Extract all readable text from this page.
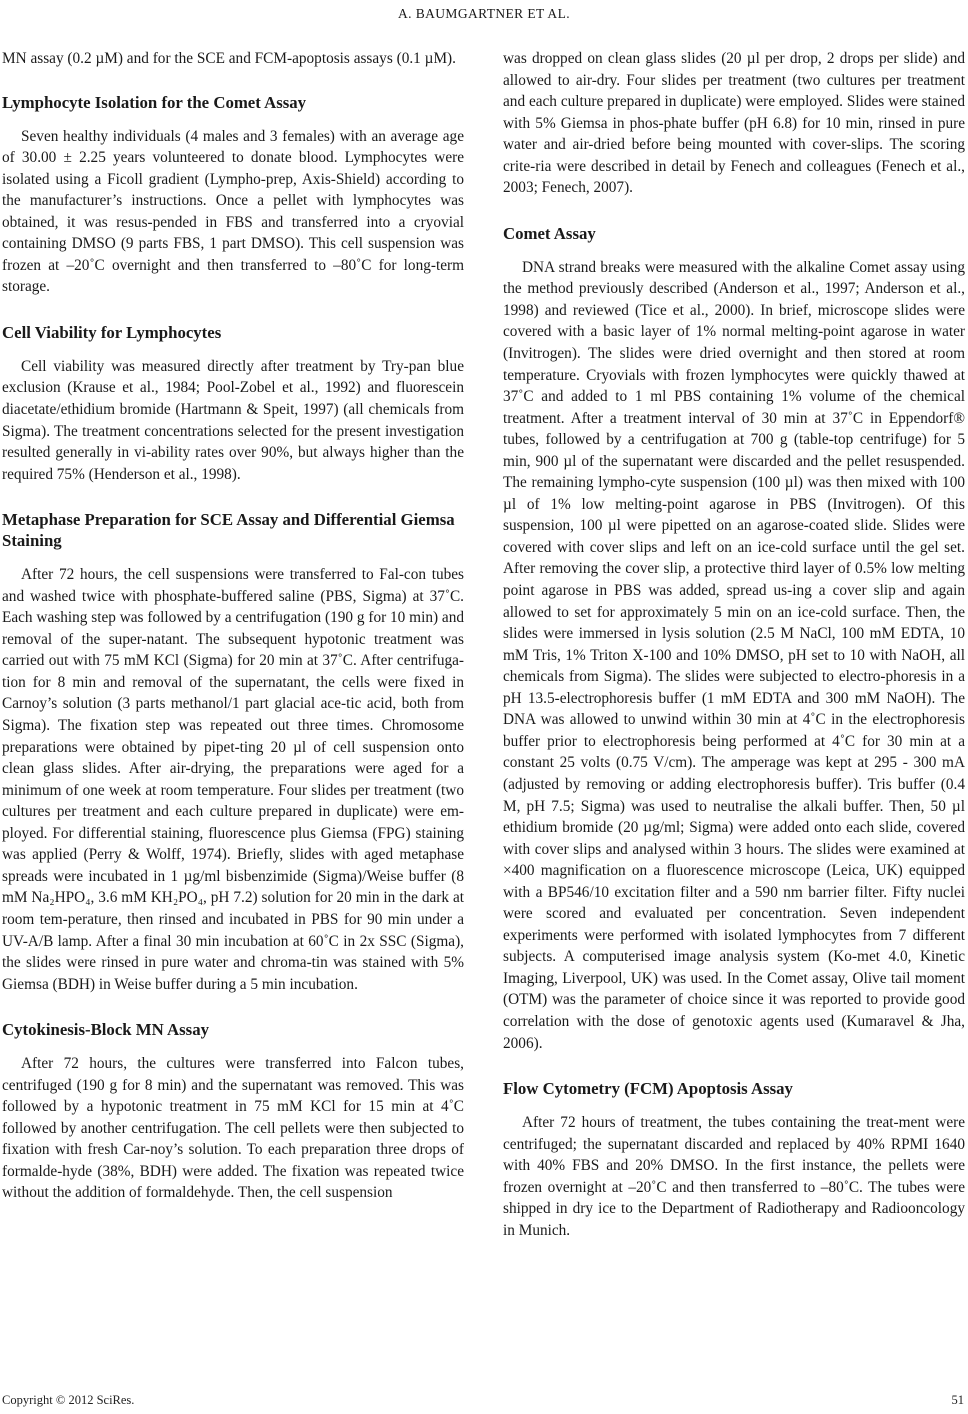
A. BAUMGARTNER ET AL.

MN assay (0.2 µM) and for the SCE and FCM-apoptosis assays (0.1 µM).

Lymphocyte Isolation for the Comet Assay

Seven healthy individuals (4 males and 3 females) with an average age of 30.00 ± 2.25 years volunteered to donate blood. Lymphocytes were isolated using a Ficoll gradient (Lympho-prep, Axis-Shield) according to the manufacturer’s instructions. Once a pellet with lymphocytes was obtained, it was resus-pended in FBS and transferred into a cryovial containing DMSO (9 parts FBS, 1 part DMSO). This cell suspension was frozen at –20˚C overnight and then transferred to –80˚C for long-term storage.

Cell Viability for Lymphocytes

Cell viability was measured directly after treatment by Try-pan blue exclusion (Krause et al., 1984; Pool-Zobel et al., 1992) and fluorescein diacetate/ethidium bromide (Hartmann & Speit, 1997) (all chemicals from Sigma). The treatment concentrations selected for the present investigation resulted generally in vi-ability rates over 90%, but always higher than the required 75% (Henderson et al., 1998).

Metaphase Preparation for SCE Assay and Differential Giemsa Staining

After 72 hours, the cell suspensions were transferred to Fal-con tubes and washed twice with phosphate-buffered saline (PBS, Sigma) at 37˚C. Each washing step was followed by a centrifugation (190 g for 10 min) and removal of the super-natant. The subsequent hypotonic treatment was carried out with 75 mM KCl (Sigma) for 20 min at 37˚C. After centrifuga-tion for 8 min and removal of the supernatant, the cells were fixed in Carnoy’s solution (3 parts methanol/1 part glacial ace-tic acid, both from Sigma). The fixation step was repeated out three times. Chromosome preparations were obtained by pipet-ting 20 µl of cell suspension onto clean glass slides. After air-drying, the preparations were aged for a minimum of one week at room temperature. Four slides per treatment (two cultures per treatment and each culture prepared in duplicate) were em-ployed. For differential staining, fluorescence plus Giemsa (FPG) staining was applied (Perry & Wolff, 1974). Briefly, slides with aged metaphase spreads were incubated in 1 µg/ml bisbenzimide (Sigma)/Weise buffer (8 mM Na₂HPO₄, 3.6 mM KH₂PO₄, pH 7.2) solution for 20 min in the dark at room tem-perature, then rinsed and incubated in PBS for 90 min under a UV-A/B lamp. After a final 30 min incubation at 60˚C in 2x SSC (Sigma), the slides were rinsed in pure water and chroma-tin was stained with 5% Giemsa (BDH) in Weise buffer during a 5 min incubation.

Cytokinesis-Block MN Assay

After 72 hours, the cultures were transferred into Falcon tubes, centrifuged (190 g for 8 min) and the supernatant was removed. This was followed by a hypotonic treatment in 75 mM KCl for 15 min at 4˚C followed by another centrifugation. The cell pellets were then subjected to fixation with fresh Car-noy’s solution. To each preparation three drops of formalde-hyde (38%, BDH) were added. The fixation was repeated twice without the addition of formaldehyde. Then, the cell suspension

was dropped on clean glass slides (20 µl per drop, 2 drops per slide) and allowed to air-dry. Four slides per treatment (two cultures per treatment and each culture prepared in duplicate) were employed. Slides were stained with 5% Giemsa in phos-phate buffer (pH 6.8) for 10 min, rinsed in pure water and air-dried before being mounted with cover-slips. The scoring crite-ria were described in detail by Fenech and colleagues (Fenech et al., 2003; Fenech, 2007).

Comet Assay

DNA strand breaks were measured with the alkaline Comet assay using the method previously described (Anderson et al., 1997; Anderson et al., 1998) and reviewed (Tice et al., 2000). In brief, microscope slides were covered with a basic layer of 1% normal melting-point agarose in water (Invitrogen). The slides were dried overnight and then stored at room temperature. Cryovials with frozen lymphocytes were quickly thawed at 37˚C and added to 1 ml PBS containing 1% volume of the chemical treatment. After a treatment interval of 30 min at 37˚C in Eppendorf® tubes, followed by a centrifugation at 700 g (table-top centrifuge) for 5 min, 900 µl of the supernatant were discarded and the pellet resuspended. The remaining lympho-cyte suspension (100 µl) was then mixed with 100 µl of 1% low melting-point agarose in PBS (Invitrogen). Of this suspension, 100 µl were pipetted on an agarose-coated slide. Slides were covered with cover slips and left on an ice-cold surface until the gel set. After removing the cover slip, a protective third layer of 0.5% low melting point agarose in PBS was added, spread us-ing a cover slip and again allowed to set for approximately 5 min on an ice-cold surface. Then, the slides were immersed in lysis solution (2.5 M NaCl, 100 mM EDTA, 10 mM Tris, 1% Triton X-100 and 10% DMSO, pH set to 10 with NaOH, all chemicals from Sigma). The slides were subjected to electro-phoresis in a pH 13.5-electrophoresis buffer (1 mM EDTA and 300 mM NaOH). The DNA was allowed to unwind within 30 min at 4˚C in the electrophoresis buffer prior to electrophoresis being performed at 4˚C for 30 min at a constant 25 volts (0.75 V/cm). The amperage was kept at 295 - 300 mA (adjusted by removing or adding electrophoresis buffer). Tris buffer (0.4 M, pH 7.5; Sigma) was used to neutralise the alkali buffer. Then, 50 µl ethidium bromide (20 µg/ml; Sigma) were added onto each slide, covered with cover slips and analysed within 3 hours. The slides were examined at ×400 magnification on a fluorescence microscope (Leica, UK) equipped with a BP546/10 excitation filter and a 590 nm barrier filter. Fifty nuclei were scored and evaluated per concentration. Seven independent experiments were performed with isolated lymphocytes from 7 different subjects. A computerised image analysis system (Ko-met 4.0, Kinetic Imaging, Liverpool, UK) was used. In the Comet assay, Olive tail moment (OTM) was the parameter of choice since it was reported to provide good correlation with the dose of genotoxic agents used (Kumaravel & Jha, 2006).

Flow Cytometry (FCM) Apoptosis Assay

After 72 hours of treatment, the tubes containing the treat-ment were centrifuged; the supernatant discarded and replaced by 40% RPMI 1640 with 40% FBS and 20% DMSO. In the first instance, the pellets were frozen overnight at –20˚C and then transferred to –80˚C. The tubes were shipped in dry ice to the Department of Radiotherapy and Radiooncology in Munich.

Copyright © 2012 SciRes.	51
